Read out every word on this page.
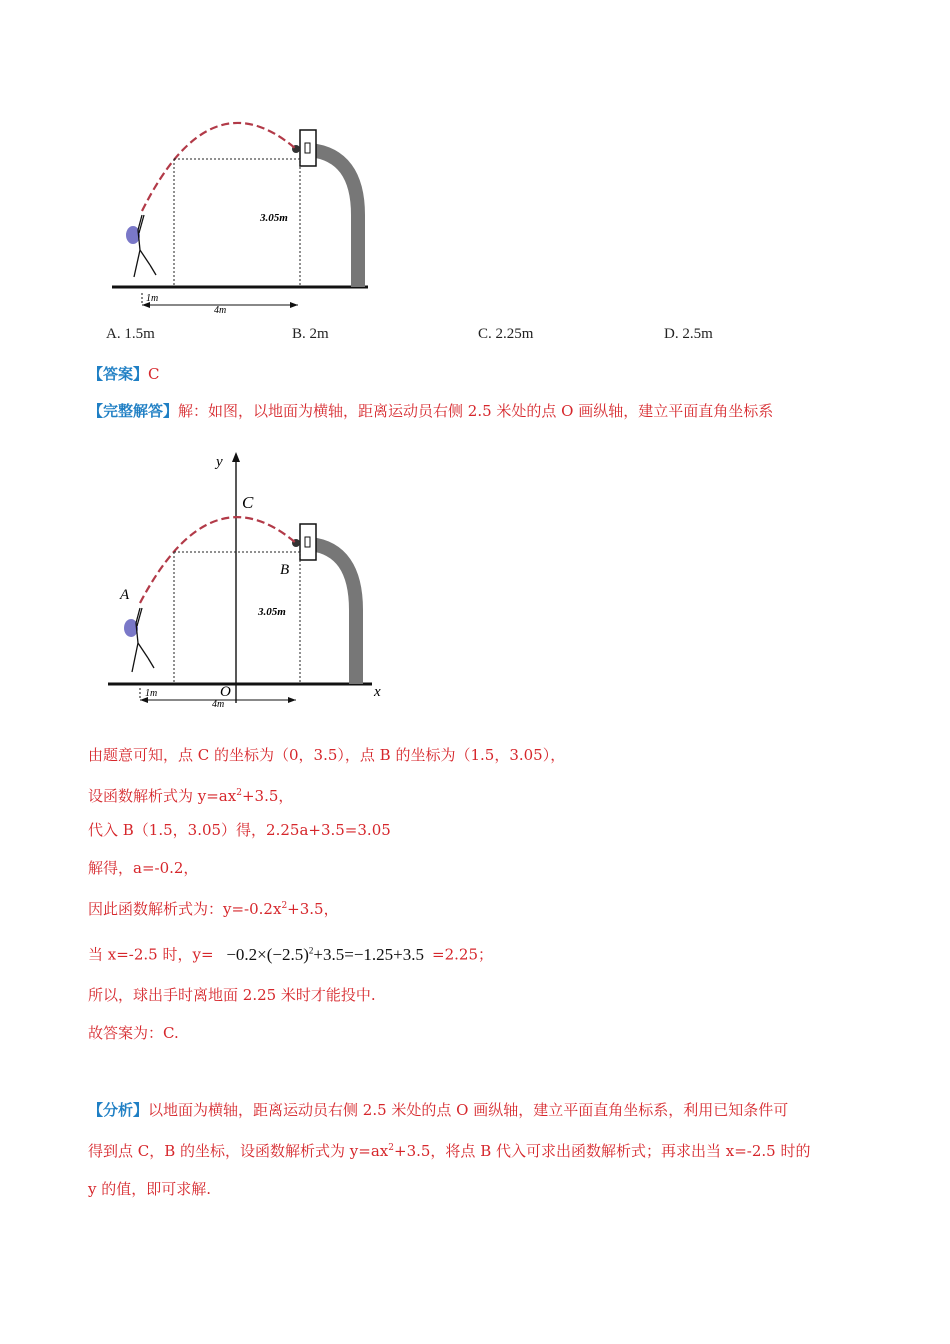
1m
4m
3.05m
A. 1.5m	B. 2m	C. 2.25m	D. 2.5m
【答案】C
【完整解答】解：如图，以地面为横轴，距离运动员右侧 2.5 米处的点 O 画纵轴，建立平面直角坐标系
y
x
A
C
B
O
1m
4m
3.05m
由题意可知，点 C 的坐标为（0，3.5），点 B 的坐标为（1.5，3.05），
设函数解析式为 $y=ax^2+3.5$，
代入 B（1.5，3.05）得，2.25a+3.5=3.05
解得，a=-0.2，
因此函数解析式为：$y=-0.2x^2+3.5$，
当 x=-2.5 时，$y= -0.2\times(-2.5)^2+3.5=-1.25+3.5 =2.25$；
所以，球出手时离地面 2.25 米时才能投中.
故答案为：C.
【分析】以地面为横轴，距离运动员右侧 2.5 米处的点 O 画纵轴，建立平面直角坐标系，利用已知条件可
得到点 C，B 的坐标，设函数解析式为 $y=ax^2+3.5$，将点 B 代入可求出函数解析式；再求出当 x=-2.5 时的
y 的值，即可求解.
